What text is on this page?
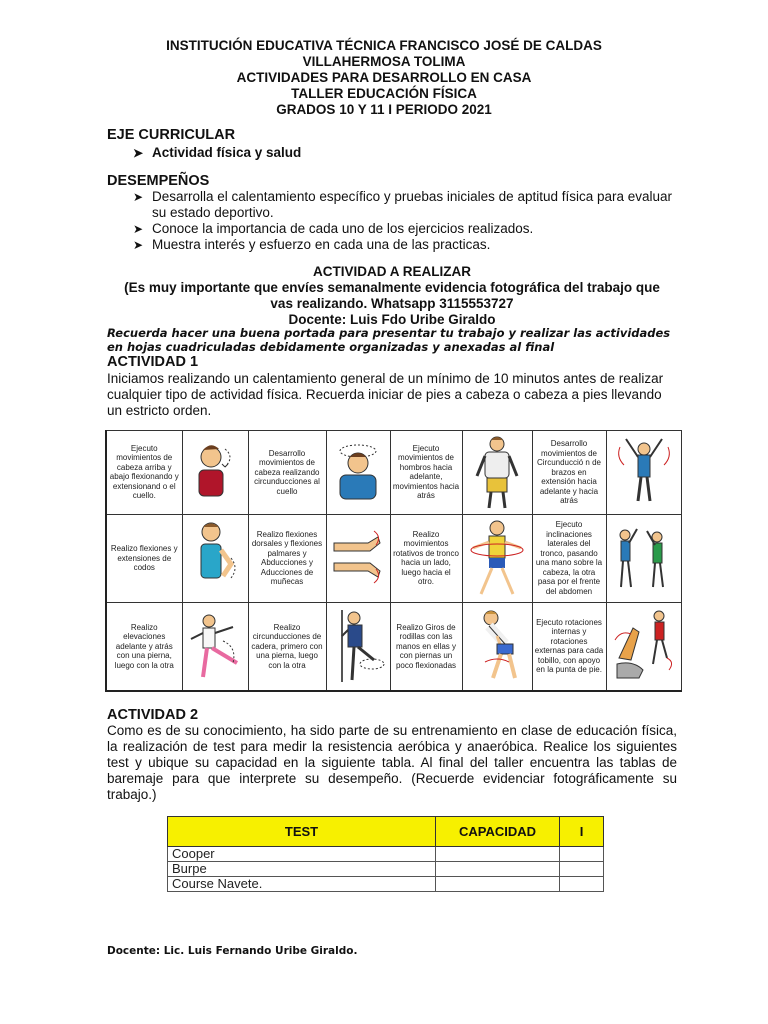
INSTITUCIÓN EDUCATIVA TÉCNICA FRANCISCO JOSÉ DE CALDAS
VILLAHERMOSA TOLIMA
ACTIVIDADES PARA DESARROLLO EN CASA
TALLER EDUCACIÓN FÍSICA
GRADOS 10 Y 11 I PERIODO 2021
EJE CURRICULAR
➤ Actividad física y salud
DESEMPEÑOS
➤ Desarrolla el calentamiento específico y pruebas iniciales de aptitud física para evaluar su estado deportivo.
➤ Conoce la importancia de cada uno de los ejercicios realizados.
➤ Muestra interés y esfuerzo en cada una de las practicas.
ACTIVIDAD A REALIZAR
(Es muy importante que envíes semanalmente evidencia fotográfica del trabajo que vas realizando. Whatsapp 3115553727
Docente: Luis Fdo Uribe Giraldo
Recuerda hacer una buena portada para presentar tu trabajo y realizar las actividades en hojas cuadriculadas debidamente organizadas y anexadas al final
ACTIVIDAD 1
Iniciamos realizando un calentamiento general de un mínimo de 10 minutos antes de realizar cualquier tipo de actividad física. Recuerda iniciar de pies a cabeza o cabeza a pies llevando un estricto orden.
Ejecuto movimientos de cabeza arriba y abajo flexionando y extensionand o el cuello.		Desarrollo movimientos de cabeza realizando circunducciones al cuello		Ejecuto movimientos de hombros hacia adelante, movimientos hacia atrás		Desarrollo movimientos de Circunducció n de brazos en extensión hacia adelante y hacia atrás	

Realizo flexiones y extensiones de codos		Realizo flexiones dorsales y flexiones palmares y Abducciones y Aducciones de muñecas		Realizo movimientos rotativos de tronco hacia un lado, luego hacia el otro.		Ejecuto inclinaciones laterales del tronco, pasando una mano sobre la cabeza, la otra pasa por el frente del abdomen	

Realizo elevaciones adelante y atrás con una pierna, luego con la otra		Realizo circunducciones de cadera, primero con una pierna, luego con la otra		Realizo Giros de rodillas con las manos en ellas y con piernas un poco flexionadas		Ejecuto rotaciones internas y rotaciones externas para cada tobillo, con apoyo en la punta de pie.	
ACTIVIDAD 2
Como es de su conocimiento, ha sido parte de su entrenamiento en clase de educación física, la realización de test para medir la resistencia aeróbica y anaeróbica. Realice los siguientes test y ubique su capacidad en la siguiente tabla. Al final del taller encuentra las tablas de baremaje para que interprete su desempeño. (Recuerde evidenciar fotográficamente su trabajo.)
TEST	CAPACIDAD	I
Cooper		
Burpe		
Course Navete.		
Docente: Lic. Luis Fernando Uribe Giraldo.
